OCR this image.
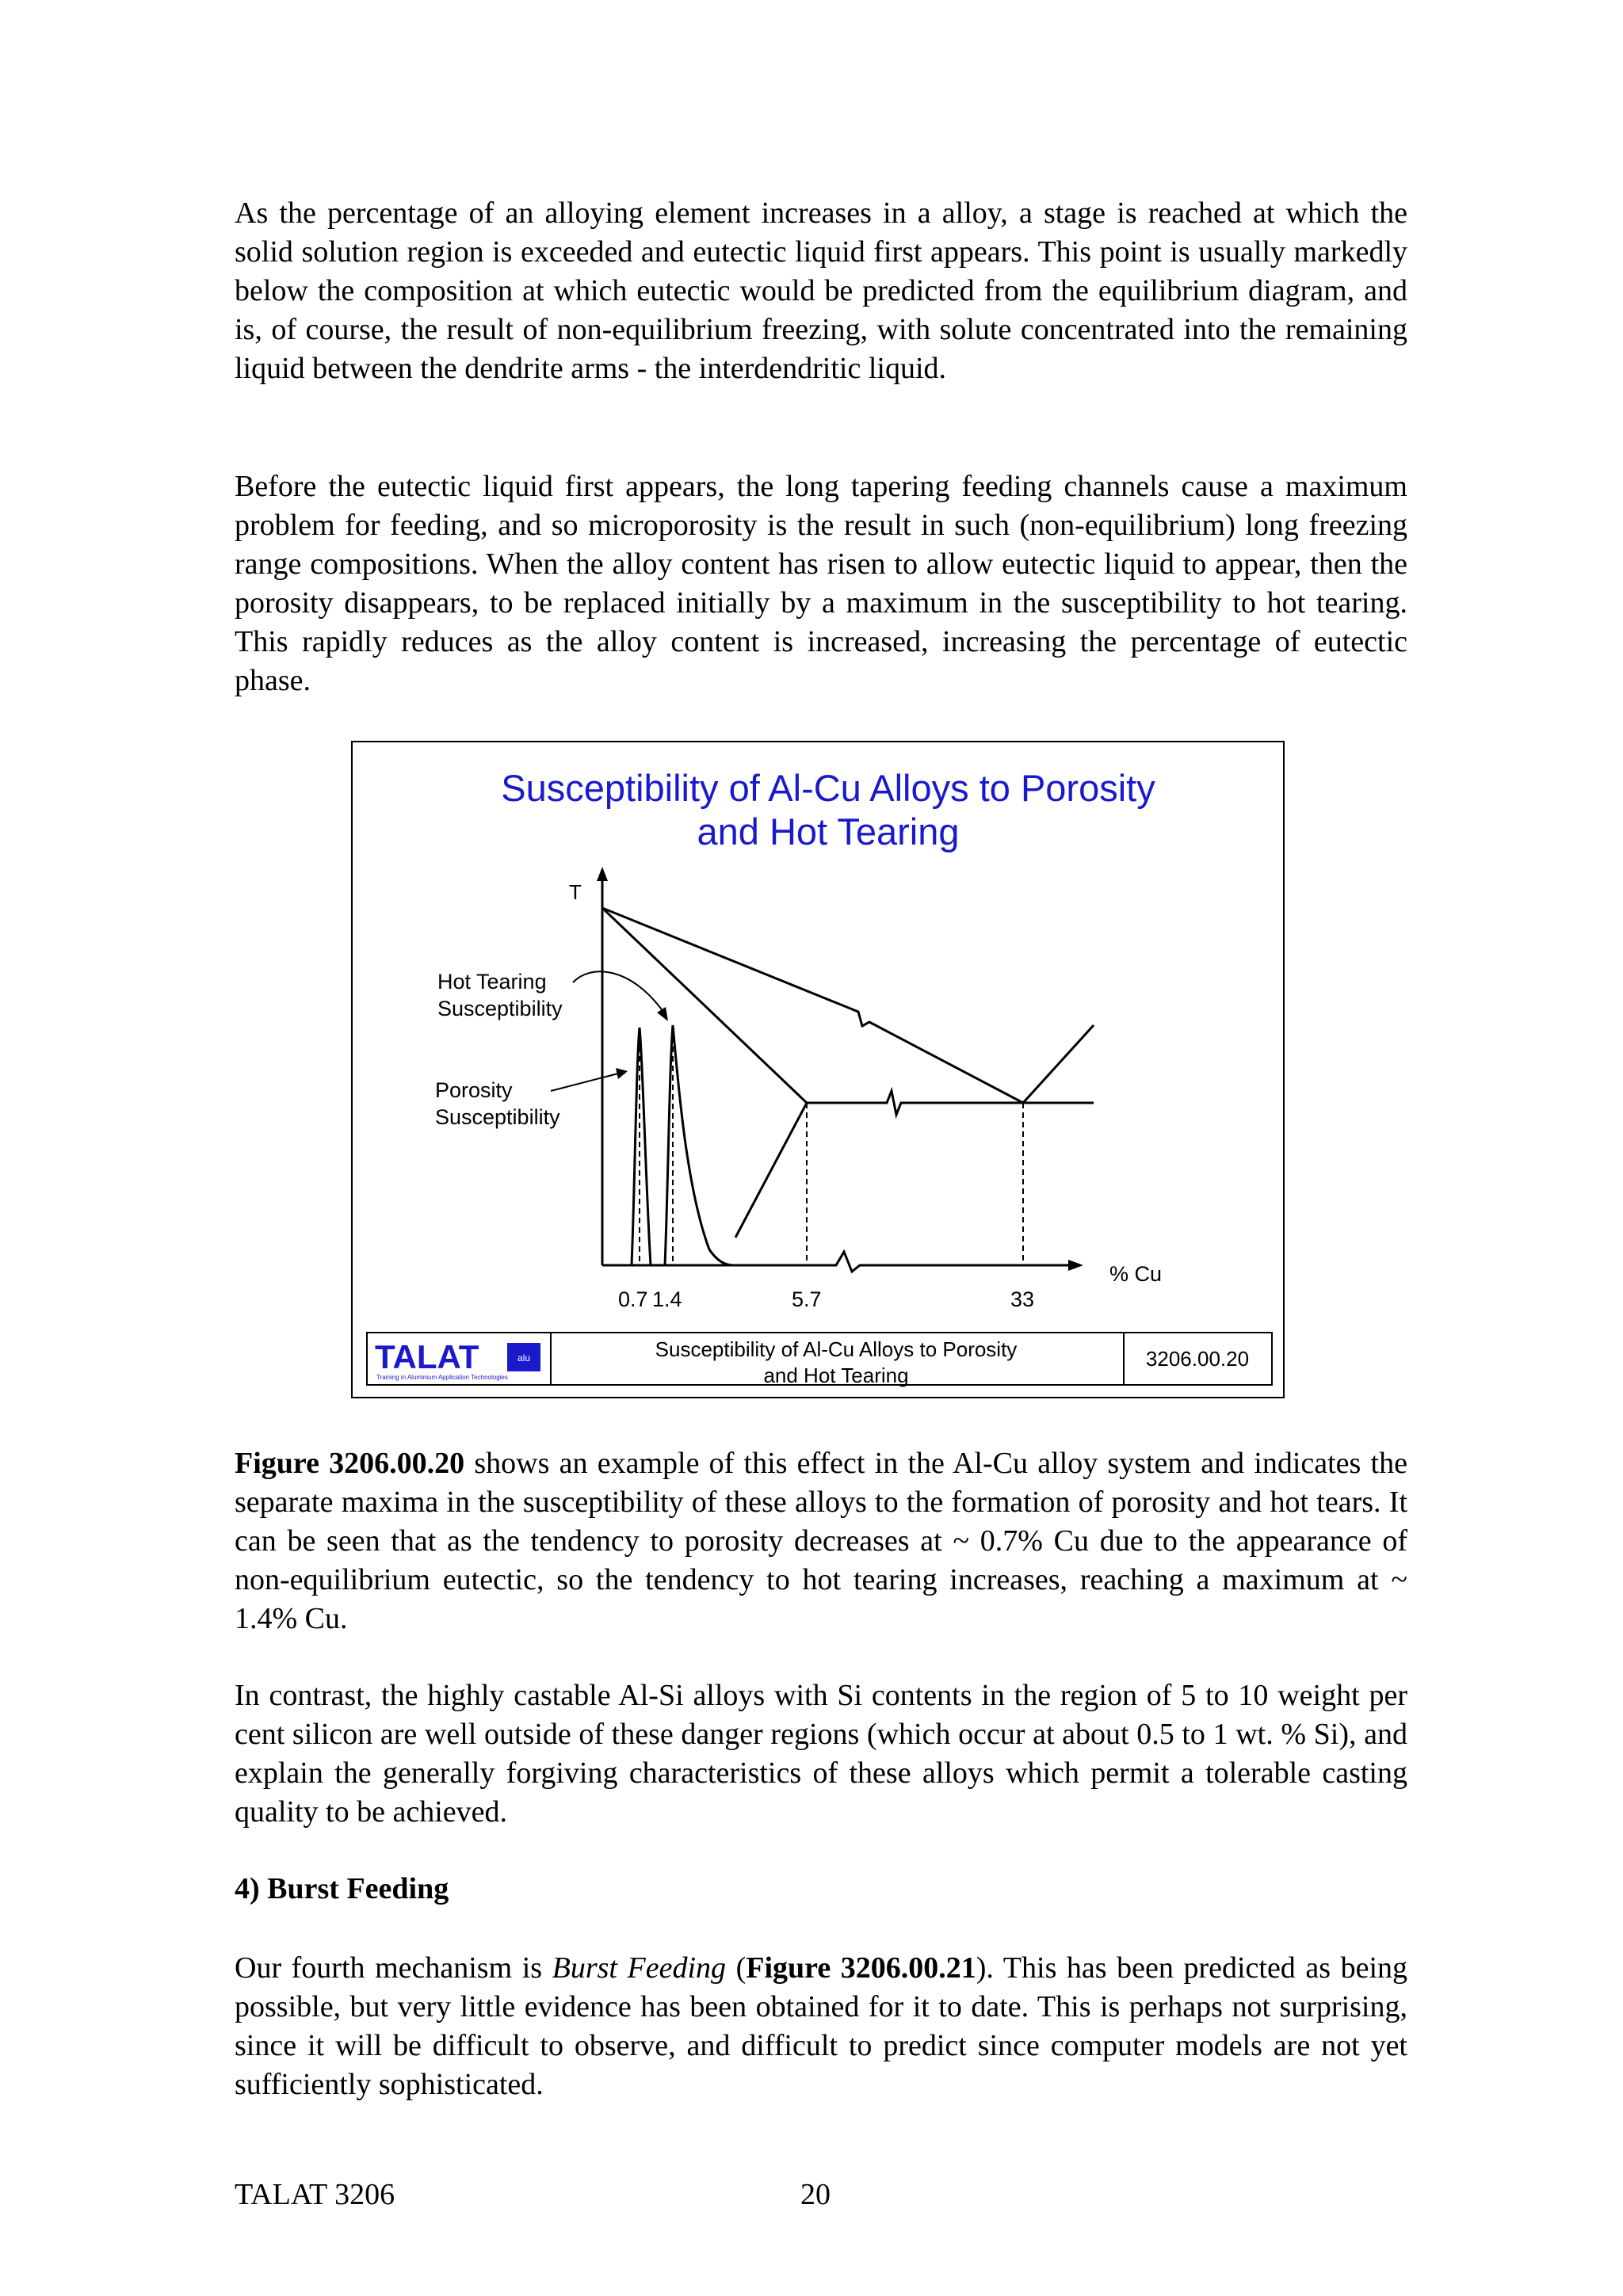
As the percentage of an alloying element increases in a alloy, a stage is reached at which the solid solution region is exceeded and eutectic liquid first appears. This point is usually markedly below the composition at which eutectic would be predicted from the equilibrium diagram, and is, of course, the result of non-equilibrium freezing, with solute concentrated into the remaining liquid between the dendrite arms - the interdendritic liquid.

Before the eutectic liquid first appears, the long tapering feeding channels cause a maximum problem for feeding, and so microporosity is the result in such (non-equilibrium) long freezing range compositions. When the alloy content has risen to allow eutectic liquid to appear, then the porosity disappears, to be replaced initially by a maximum in the susceptibility to hot tearing. This rapidly reduces as the alloy content is increased, increasing the percentage of eutectic phase.

Susceptibility of Al-Cu Alloys to Porosity
and Hot Tearing
T
% Cu
Hot Tearing
Susceptibility
Porosity
Susceptibility
0.7 1.4	5.7	33
TALAT	alu
Training in Aluminium Application Technologies
Susceptibility of Al-Cu Alloys to Porosity
and Hot Tearing
3206.00.20

Figure 3206.00.20 shows an example of this effect in the Al-Cu alloy system and indicates the separate maxima in the susceptibility of these alloys to the formation of porosity and hot tears. It can be seen that as the tendency to porosity decreases at ~ 0.7% Cu due to the appearance of non-equilibrium eutectic, so the tendency to hot tearing increases, reaching a maximum at ~ 1.4% Cu.

In contrast, the highly castable Al-Si alloys with Si contents in the region of 5 to 10 weight per cent silicon are well outside of these danger regions (which occur at about 0.5 to 1 wt. % Si), and explain the generally forgiving characteristics of these alloys which permit a tolerable casting quality to be achieved.

4) Burst Feeding

Our fourth mechanism is Burst Feeding (Figure 3206.00.21). This has been predicted as being possible, but very little evidence has been obtained for it to date. This is perhaps not surprising, since it will be difficult to observe, and difficult to predict since computer models are not yet sufficiently sophisticated.

TALAT 3206	20
